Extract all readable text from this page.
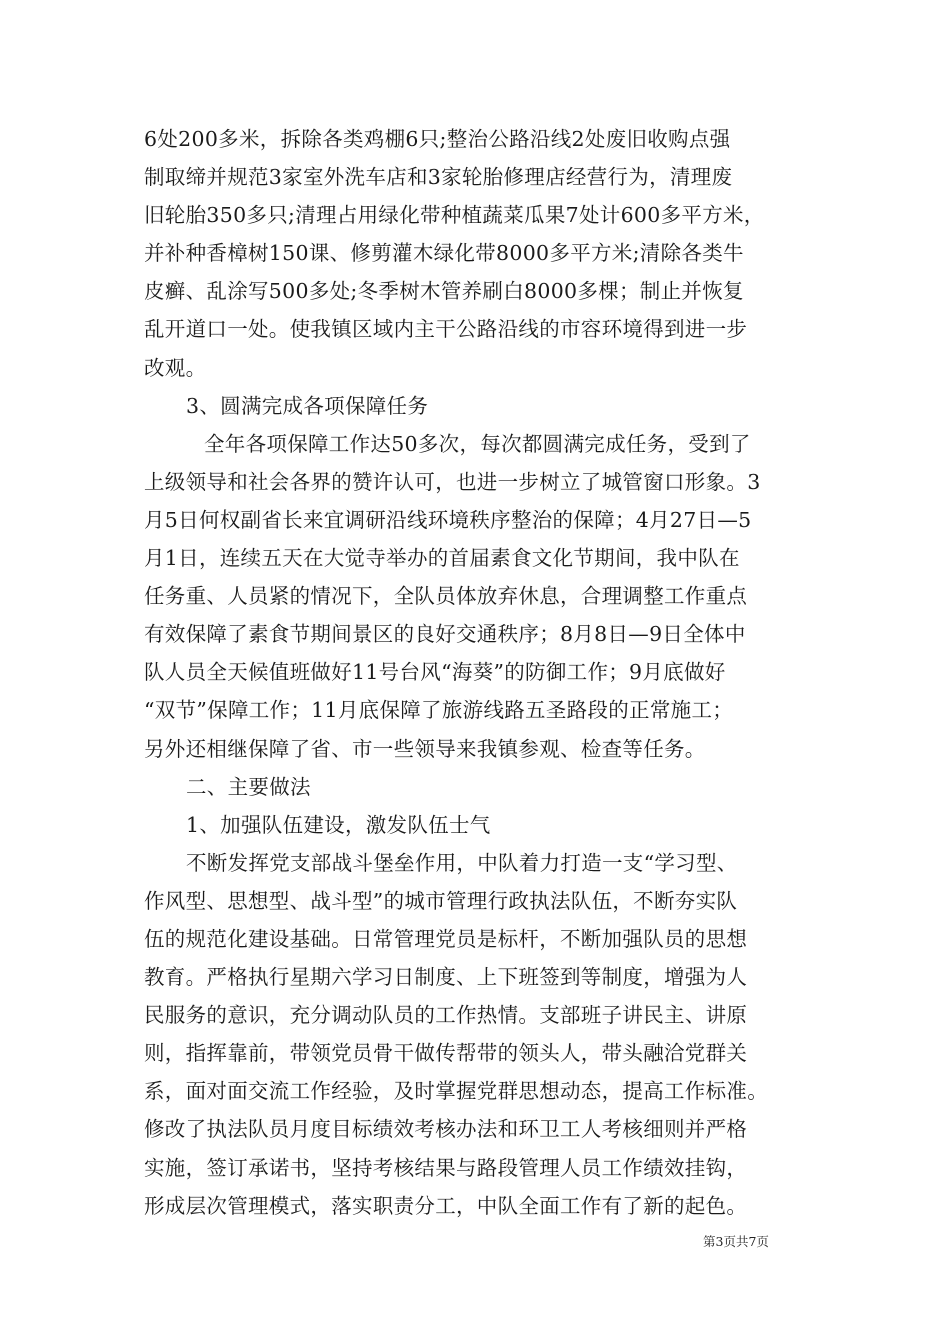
6处200多米，拆除各类鸡棚6只;整治公路沿线2处废旧收购点强
制取缔并规范3家室外洗车店和3家轮胎修理店经营行为，清理废
旧轮胎350多只;清理占用绿化带种植蔬菜瓜果7处计600多平方米，
并补种香樟树150课、修剪灌木绿化带8000多平方米;清除各类牛
皮癣、乱涂写500多处;冬季树木管养刷白8000多棵；制止并恢复
乱开道口一处。使我镇区域内主干公路沿线的市容环境得到进一步
改观。
3、圆满完成各项保障任务
全年各项保障工作达50多次，每次都圆满完成任务，受到了
上级领导和社会各界的赞许认可，也进一步树立了城管窗口形象。3
月5日何权副省长来宜调研沿线环境秩序整治的保障；4月27日—5
月1日，连续五天在大觉寺举办的首届素食文化节期间，我中队在
任务重、人员紧的情况下，全队员体放弃休息，合理调整工作重点
有效保障了素食节期间景区的良好交通秩序；8月8日—9日全体中
队人员全天候值班做好11号台风“海葵”的防御工作；9月底做好
“双节”保障工作；11月底保障了旅游线路五圣路段的正常施工；
另外还相继保障了省、市一些领导来我镇参观、检查等任务。
二、主要做法
1、加强队伍建设，激发队伍士气
不断发挥党支部战斗堡垒作用，中队着力打造一支“学习型、
作风型、思想型、战斗型”的城市管理行政执法队伍，不断夯实队
伍的规范化建设基础。日常管理党员是标杆，不断加强队员的思想
教育。严格执行星期六学习日制度、上下班签到等制度，增强为人
民服务的意识，充分调动队员的工作热情。支部班子讲民主、讲原
则，指挥靠前，带领党员骨干做传帮带的领头人，带头融洽党群关
系，面对面交流工作经验，及时掌握党群思想动态，提高工作标准。
修改了执法队员月度目标绩效考核办法和环卫工人考核细则并严格
实施，签订承诺书，坚持考核结果与路段管理人员工作绩效挂钩，
形成层次管理模式，落实职责分工，中队全面工作有了新的起色。
第3页共7页
